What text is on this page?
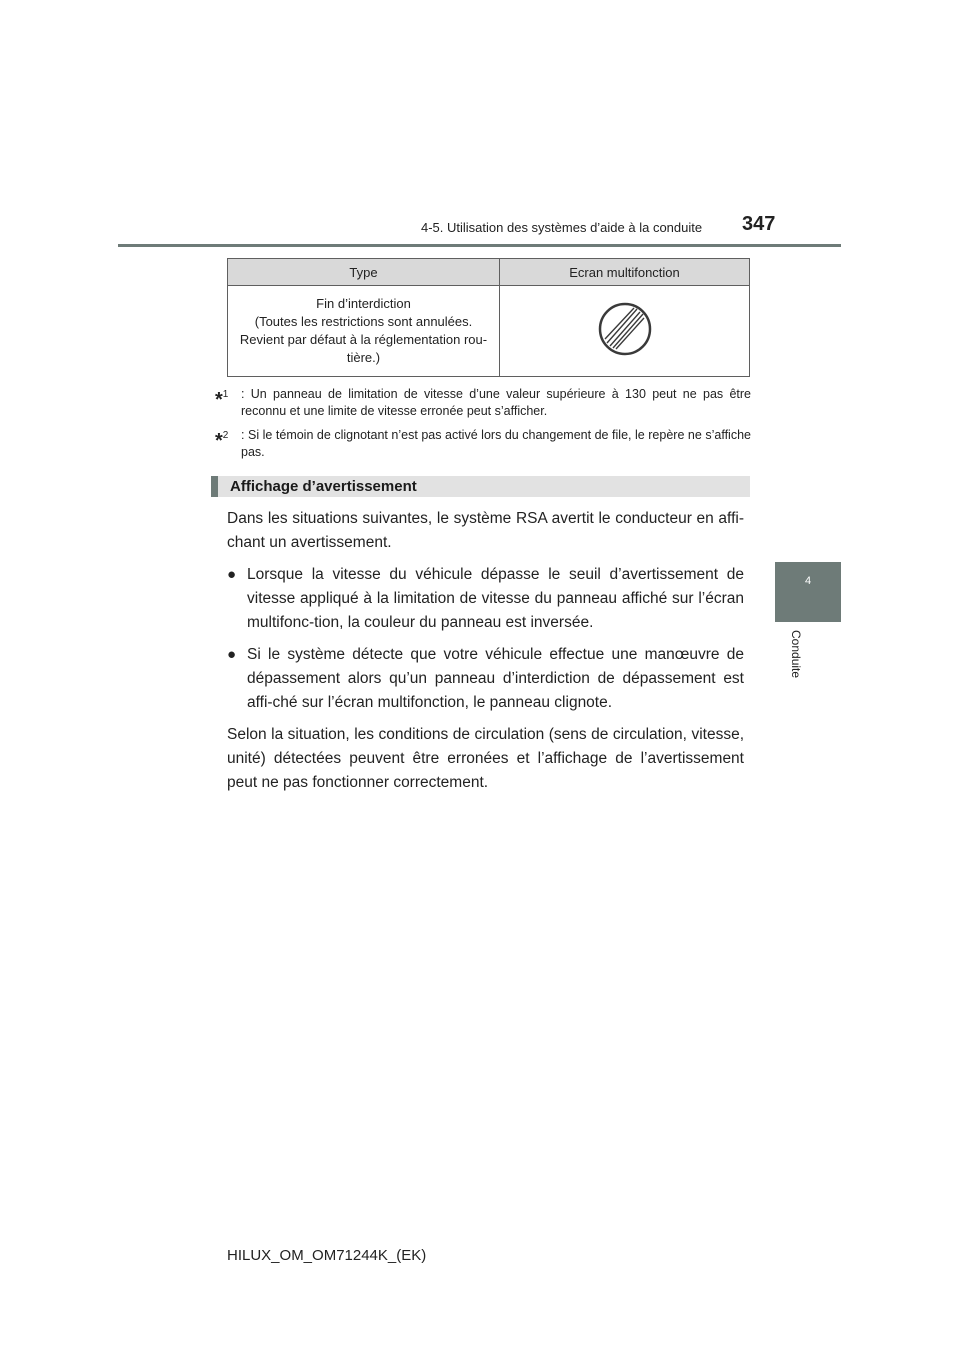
4-5. Utilisation des systèmes d’aide à la conduite 347
4
Conduite
Type	Ecran multifonction

Fin d’interdiction
(Toutes les restrictions sont annulées.
Revient par défaut à la réglementation rou-
tière.)

*$^1$	: Un panneau de limitation de vitesse d’une valeur supérieure à 130 peut ne pas être reconnu et une limite de vitesse erronée peut s’afficher.
*$^2$	: Si le témoin de clignotant n’est pas activé lors du changement de file, le repère ne s’affiche pas.
Affichage d’avertissement

Dans les situations suivantes, le système RSA avertit le conducteur en affi-chant un avertissement.

● Lorsque la vitesse du véhicule dépasse le seuil d’avertissement de vitesse appliqué à la limitation de vitesse du panneau affiché sur l’écran multifonc-tion, la couleur du panneau est inversée.
● Si le système détecte que votre véhicule effectue une manœuvre de dépassement alors qu’un panneau d’interdiction de dépassement est affi-ché sur l’écran multifonction, le panneau clignote.

Selon la situation, les conditions de circulation (sens de circulation, vitesse, unité) détectées peuvent être erronées et l’affichage de l’avertissement peut ne pas fonctionner correctement.

HILUX_OM_OM71244K_(EK)
